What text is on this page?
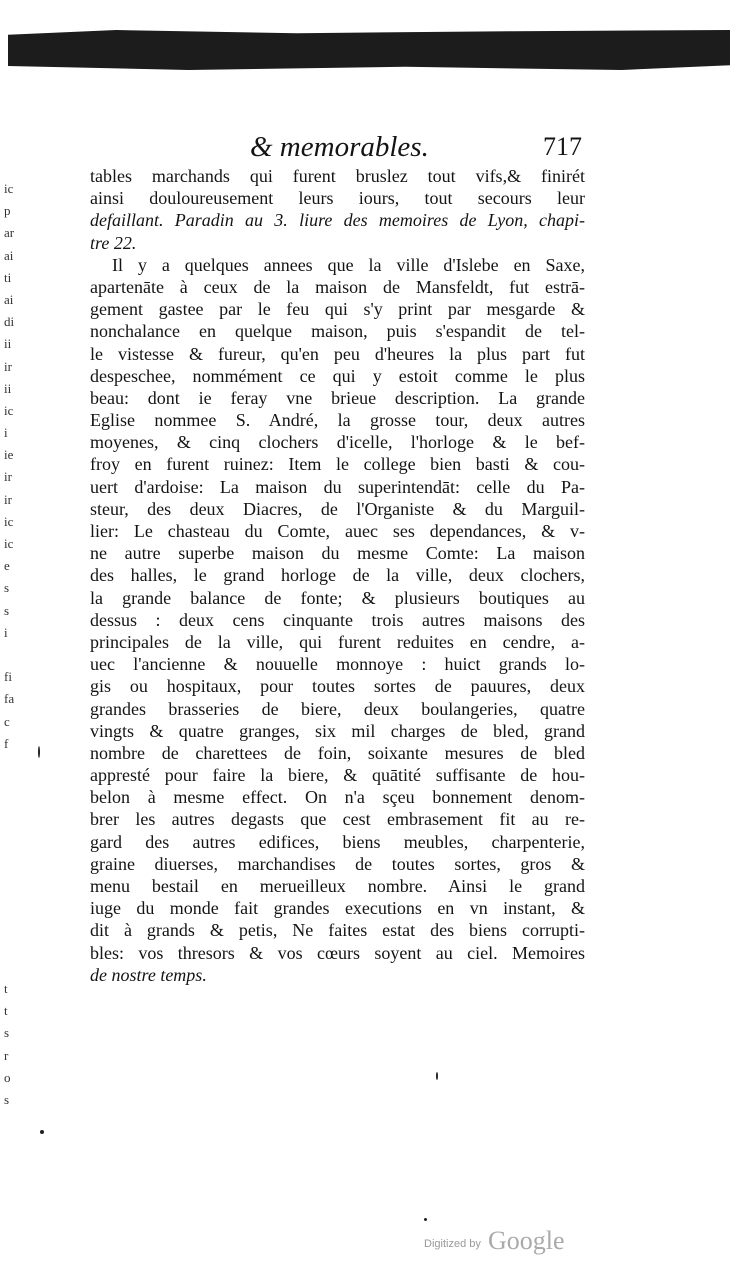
& memorables.	717
ic
p
ar
ai
ti
ai
di
ii
ir
ii
ic
i
ie
ir
ir
ic
ic
e
s
s
i
fi
fa
c
f
t
t
s
r
o
s
tables marchands qui furent bruslez tout vifs,& finirét
ainsi douloureusement leurs iours, tout secours leur
defaillant. Paradin au 3. liure des memoires de Lyon, chapi-
tre 22.
Il y a quelques annees que la ville d'Islebe en Saxe,
apartenāte à ceux de la maison de Mansfeldt, fut estrā-
gement gastee par le feu qui s'y print par mesgarde &
nonchalance en quelque maison, puis s'espandit de tel-
le vistesse & fureur, qu'en peu d'heures la plus part fut
despeschee, nommément ce qui y estoit comme le plus
beau: dont ie feray vne brieue description. La grande
Eglise nommee S. André, la grosse tour, deux autres
moyenes, & cinq clochers d'icelle, l'horloge & le bef-
froy en furent ruinez: Item le college bien basti & cou-
uert d'ardoise: La maison du superintendāt: celle du Pa-
steur, des deux Diacres, de l'Organiste & du Marguil-
lier: Le chasteau du Comte, auec ses dependances, & v-
ne autre superbe maison du mesme Comte: La maison
des halles, le grand horloge de la ville, deux clochers,
la grande balance de fonte; & plusieurs boutiques au
dessus : deux cens cinquante trois autres maisons des
principales de la ville, qui furent reduites en cendre, a-
uec l'ancienne & nouuelle monnoye : huict grands lo-
gis ou hospitaux, pour toutes sortes de pauures, deux
grandes brasseries de biere, deux boulangeries, quatre
vingts & quatre granges, six mil charges de bled, grand
nombre de charettees de foin, soixante mesures de bled
appresté pour faire la biere, & quātité suffisante de hou-
belon à mesme effect. On n'a sçeu bonnement denom-
brer les autres degasts que cest embrasement fit au re-
gard des autres edifices, biens meubles, charpenterie,
graine diuerses, marchandises de toutes sortes, gros &
menu bestail en merueilleux nombre. Ainsi le grand
iuge du monde fait grandes executions en vn instant, &
dit à grands & petis, Ne faites estat des biens corrupti-
bles: vos thresors & vos cœurs soyent au ciel. Memoires
de nostre temps.
Digitized by Google
